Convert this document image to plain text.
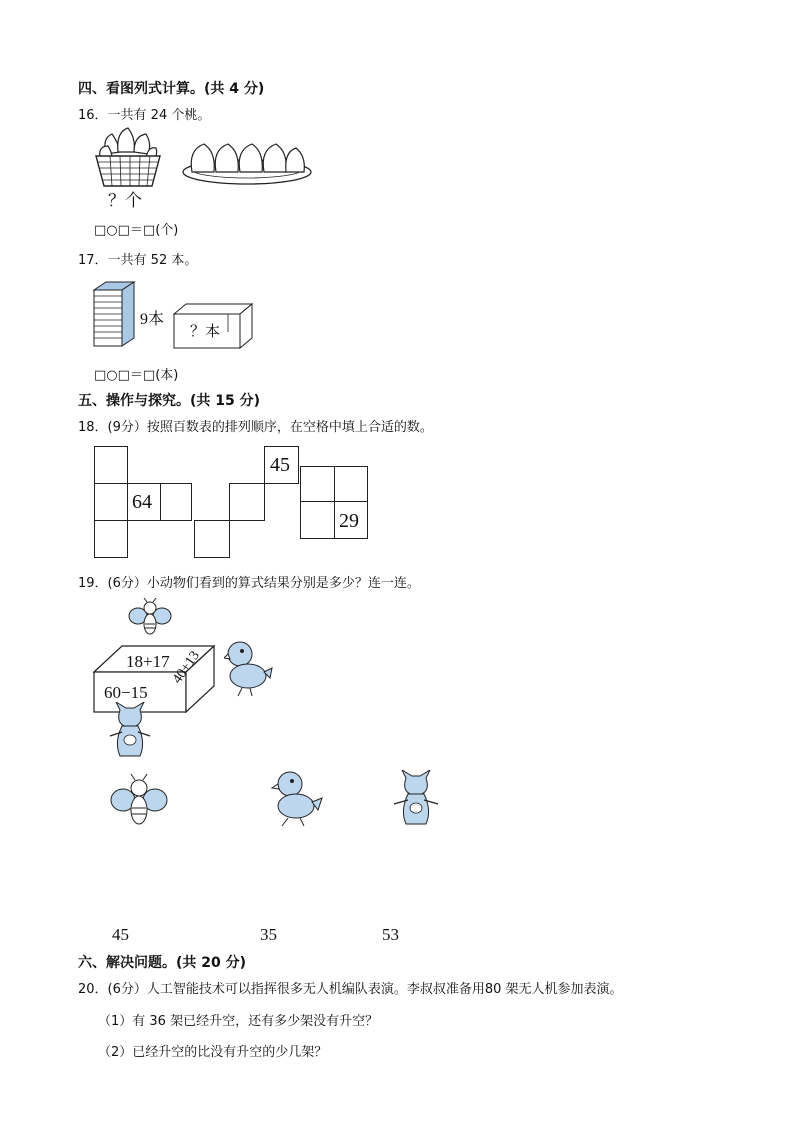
四、看图列式计算。(共 4 分)
16．一共有 24 个桃。
？个
□○□＝□(个)
17．一共有 52 本。
9本
？本
□○□＝□(本)
五、操作与探究。(共 15 分)
18．(9分）按照百数表的排列顺序，在空格中填上合适的数。
64
45
29
19．(6分）小动物们看到的算式结果分别是多少？连一连。
18+17
60−15
40+13
45	35	53
六、解决问题。(共 20 分)
20．(6分）人工智能技术可以指挥很多无人机编队表演。李叔叔准备用80 架无人机参加表演。
（1）有 36 架已经升空，还有多少架没有升空？
（2）已经升空的比没有升空的少几架？
